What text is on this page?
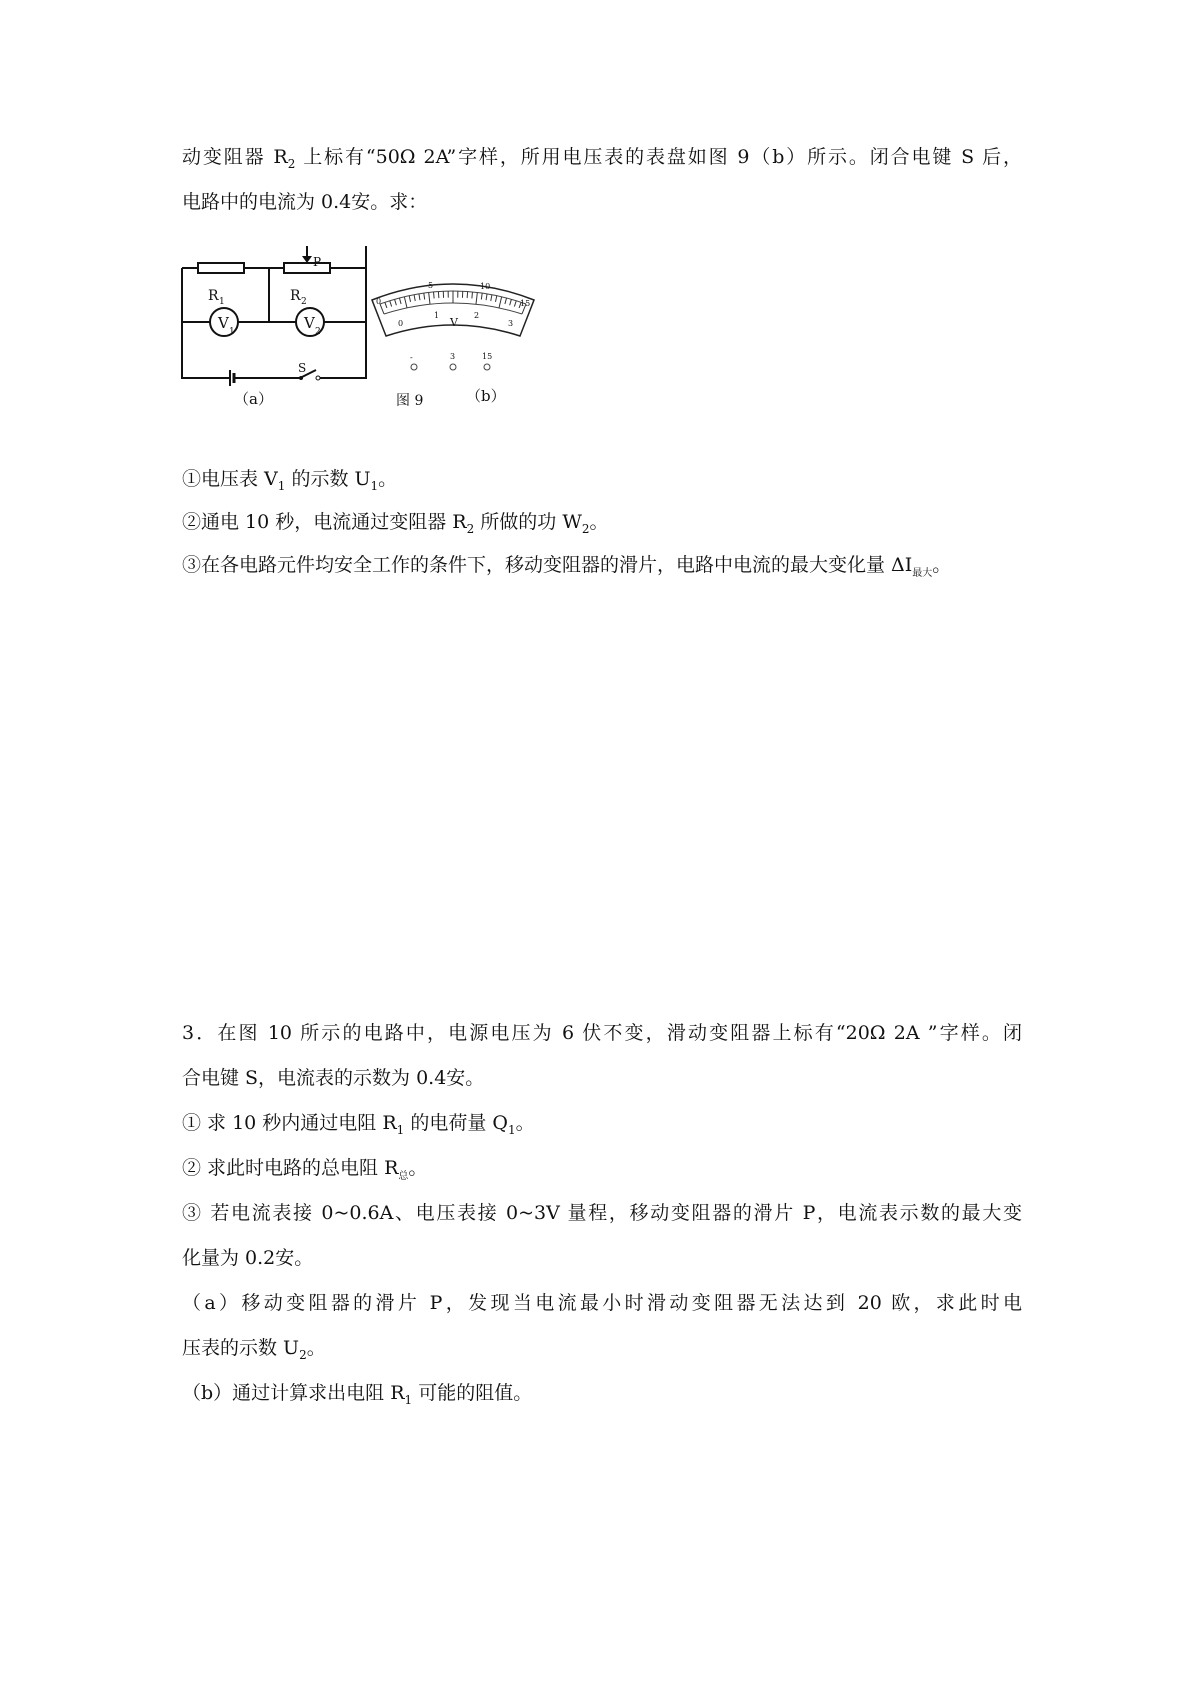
动变阻器 $R_2$ 上标有“50Ω 2A”字样，所用电压表的表盘如图 9（b）所示。闭合电键 S 后，
电路中的电流为 0.4安。求：
R 1	R 2
V 1	V 2
P
S
（a）	图 9	（b）
0
5	10
15
0
1	2
3
V
-	3	15
①电压表 $V_1$ 的示数 $U_1$。
②通电 10 秒，电流通过变阻器 $R_2$ 所做的功 $W_2$。
③在各电路元件均安全工作的条件下，移动变阻器的滑片，电路中电流的最大变化量 $\Delta I_{最大}$。
3．在图 10 所示的电路中，电源电压为 6 伏不变，滑动变阻器上标有“20Ω 2A ”字样。闭
合电键 S，电流表的示数为 0.4安。
① 求 10 秒内通过电阻 $R_1$ 的电荷量 $Q_1$。
② 求此时电路的总电阻 $R_总$。
③ 若电流表接 0~0.6A、电压表接 0~3V 量程，移动变阻器的滑片 P，电流表示数的最大变
化量为 0.2安。
（a）移动变阻器的滑片 P，发现当电流最小时滑动变阻器无法达到 20 欧，求此时电
压表的示数 $U_2$。
（b）通过计算求出电阻 $R_1$ 可能的阻值。
